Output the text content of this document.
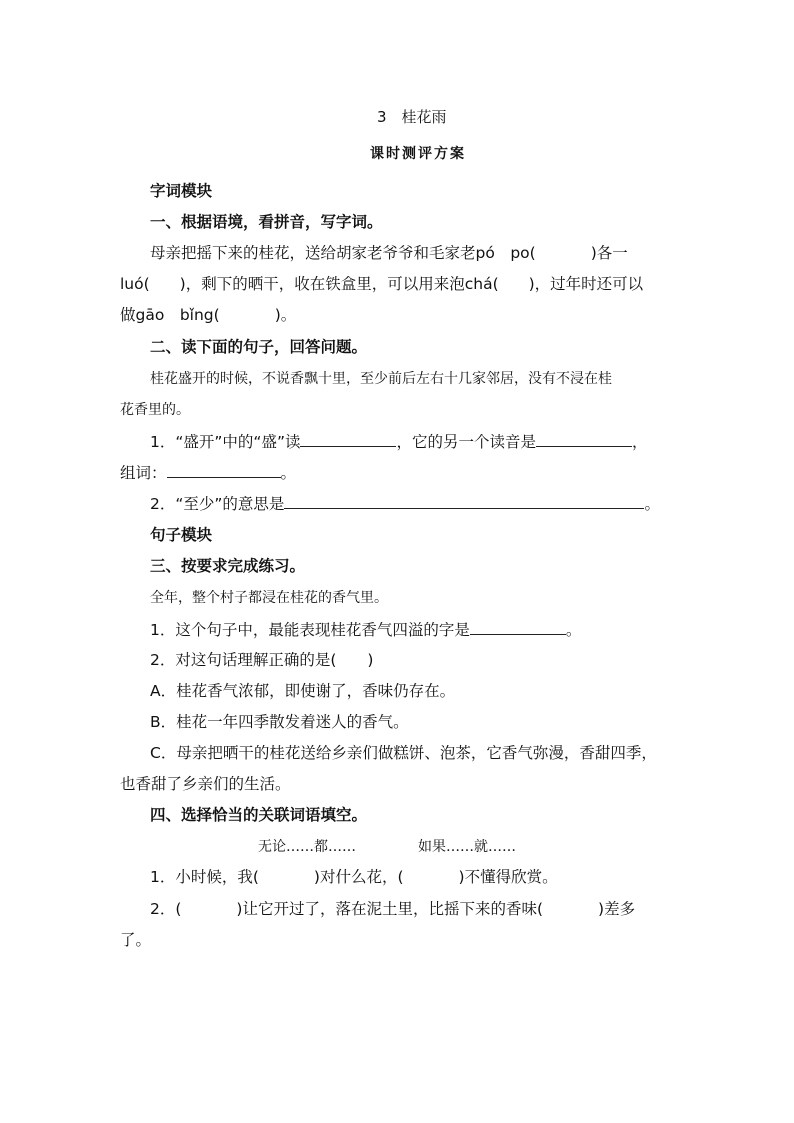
3　桂花雨
课时测评方案
字词模块
一、根据语境，看拼音，写字词。
母亲把摇下来的桂花，送给胡家老爷爷和毛家老pó　po(	)各一
luó( )，剩下的晒干，收在铁盒里，可以用来泡chá( )，过年时还可以
做gāo　bǐng(	)。
二、读下面的句子，回答问题。
桂花盛开的时候，不说香飘十里，至少前后左右十几家邻居，没有不浸在桂
花香里的。
1．“盛开”中的“盛”读	，它的另一个读音是	，
组词：	。
2．“至少”的意思是	。
句子模块
三、按要求完成练习。
全年，整个村子都浸在桂花的香气里。
1．这个句子中，最能表现桂花香气四溢的字是	。
2．对这句话理解正确的是(　　)
A．桂花香气浓郁，即使谢了，香味仍存在。
B．桂花一年四季散发着迷人的香气。
C．母亲把晒干的桂花送给乡亲们做糕饼、泡茶，它香气弥漫，香甜四季，
也香甜了乡亲们的生活。
四、选择恰当的关联词语填空。
无论……都……	如果……就……
1．小时候，我(	)对什么花，(	)不懂得欣赏。
2．(	)让它开过了，落在泥土里，比摇下来的香味(	)差多
了。
